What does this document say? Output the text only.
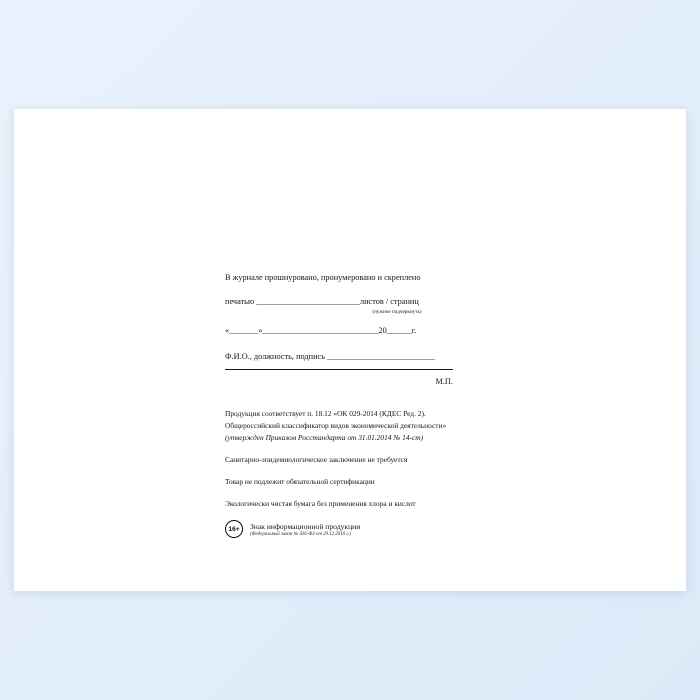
В журнале прошнуровано, пронумеровано и скреплено
печатью _________________________листов / страниц
(нужное подчеркнуть)
«_______»____________________________20______г.
Ф.И.О., должность, подпись __________________________
М.П.
Продукция соответствует п. 18.12 «ОК 029-2014 (КДЕС Ред. 2).
Общероссийский классификатор видов экономической деятельности»
(утвержден Приказом Росстандарта от 31.01.2014 № 14-ст)
Санитарно-эпидемиологическое заключение не требуется
Товар не подлежит обязательной сертификации
Экологически чистая бумага без применения хлора и кислот
16+	Знак информационной продукции
(Федеральный закон № 436-ФЗ от 29.12.2010 г.)
